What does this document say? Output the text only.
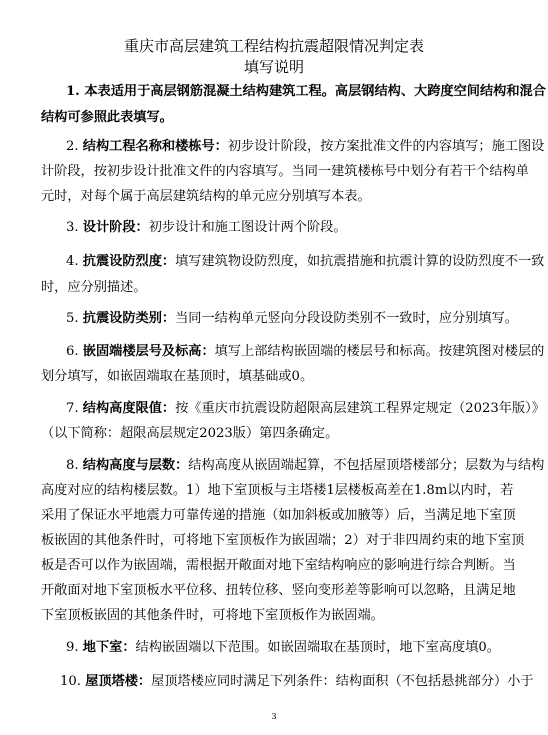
重庆市高层建筑工程结构抗震超限情况判定表
填写说明
1. 本表适用于高层钢筋混凝土结构建筑工程。高层钢结构、大跨度空间结构和混合
结构可参照此表填写。
2. 结构工程名称和楼栋号：初步设计阶段，按方案批准文件的内容填写；施工图设
计阶段，按初步设计批准文件的内容填写。当同一建筑楼栋号中划分有若干个结构单
元时，对每个属于高层建筑结构的单元应分别填写本表。
3. 设计阶段：初步设计和施工图设计两个阶段。
4. 抗震设防烈度：填写建筑物设防烈度，如抗震措施和抗震计算的设防烈度不一致
时，应分别描述。
5. 抗震设防类别：当同一结构单元竖向分段设防类别不一致时，应分别填写。
6. 嵌固端楼层号及标高：填写上部结构嵌固端的楼层号和标高。按建筑图对楼层的
划分填写，如嵌固端取在基顶时，填基础或0。
7. 结构高度限值：按《重庆市抗震设防超限高层建筑工程界定规定（2023年版）》
（以下简称：超限高层规定2023版）第四条确定。
8. 结构高度与层数：结构高度从嵌固端起算，不包括屋顶塔楼部分；层数为与结构
高度对应的结构楼层数。1）地下室顶板与主塔楼1层楼板高差在1.8m以内时，若
采用了保证水平地震力可靠传递的措施（如加斜板或加腋等）后，当满足地下室顶
板嵌固的其他条件时，可将地下室顶板作为嵌固端；2）对于非四周约束的地下室顶
板是否可以作为嵌固端，需根据开敞面对地下室结构响应的影响进行综合判断。当
开敞面对地下室顶板水平位移、扭转位移、竖向变形差等影响可以忽略，且满足地
下室顶板嵌固的其他条件时，可将地下室顶板作为嵌固端。
9. 地下室：结构嵌固端以下范围。如嵌固端取在基顶时，地下室高度填0。
10. 屋顶塔楼：屋顶塔楼应同时满足下列条件：结构面积（不包括悬挑部分）小于
3
